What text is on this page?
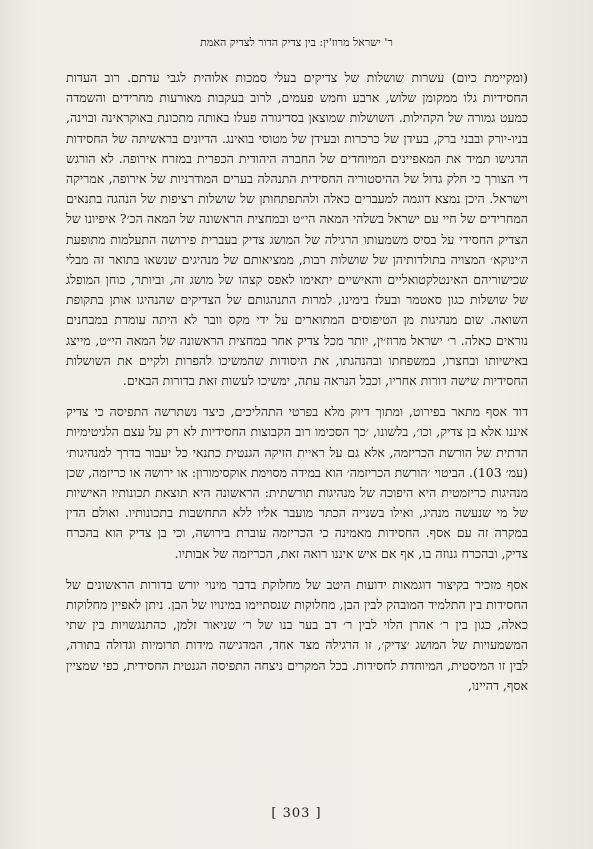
ר' ישראל מרוז'ין: בין צדיק הדור לצדיק האמת

(ומקיימת כיום) עשרות שושלות של צדיקים בעלי סמכות אלוהית לגבי עדתם. רוב העדות החסידיות גלו ממקומן שלוש, ארבע וחמש פעמים, לרוב בעקבות מאורעות מחרידים והשמדה כמעט גמורה של הקהילות. השושלות שמוצאן בסדיגורה פעלו באותה מתכונת באוקראינה ובוינה, בניו-יורק ובבני ברק, בעידן של כרכרות ובעידן של מטוסי בואינג. הדיונים בראשיתה של החסידות הדגישו תמיד את המאפיינים המיוחדים של החברה היהודית הכפרית במזרח אירופה. לא הורגש די הצורך כי חלק גדול של ההיסטוריה החסידית התנהלה בערים המודרניות של אירופה, אמריקה וישראל. היכן נמצא דוגמה למעברים כאלה ולהתפתחותן של שושלות רציפות של הנהגה בתנאים המחרידים של חיי עם ישראל בשלהי המאה הי״ט ובמחצית הראשונה של המאה הכ׳? איפיונו של הצדיק החסידי על בסיס משמעותו הרגילה של המושג צדיק בעברית פירושה התעלמות מתופעת ה׳ינוקא׳ המצויה בתולדותיהן של שושלות רבות, ממציאותם של מנהיגים שנשאו בתואר זה מבלי שכישוריהם האינטלקטואליים והאישיים יתאימו לאפס קצהו של מושג זה, וביותר, כוחן המופלג של שושלות כגון סאטמר ובעלז בימינו, למרות התנהגותם של הצדיקים שהנהיגו אותן בתקופת השואה. שום מנהיגות מן הטיפוסים המתוארים על ידי מקס וובר לא היתה עומדת במבחנים נוראים כאלה. ר׳ ישראל מרוז׳ין, יותר מכל צדיק אחר במחצית הראשונה של המאה הי״ט, מייצג באישיותו ובחצרו, במשפחתו ובהנהגתו, את היסודות שהמשיכו להפרות ולקיים את השושלות החסידיות שישה דורות אחריו, וככל הנראה עתה, ימשיכו לעשות זאת בדורות הבאים.

דוד אסף מתאר בפירוט, ומתוך דיוק מלא בפרטי התהליכים, כיצד נשתרשה התפיסה כי צדיק איננו אלא בן צדיק, וכו׳, בלשונו, ׳כך הסכימו רוב הקבוצות החסידיות לא רק על עצם הלגיטימיות הדתית של הורשת הכריזמה, אלא גם על ראיית הזיקה הגנטית כתנאי כל יעבור בדרך למנהיגות׳ (עמ׳ 103). הביטוי ׳הורשת הכריזמה׳ הוא במידה מסוימת אוקסימורון: או ירושה או כריזמה, שכן מנהיגות כריזמטית היא היפוכה של מנהיגות תורשתית: הראשונה היא תוצאת תכונותיו האישיות של מי שנעשה מנהיג, ואילו בשנייה הכתר מועבר אליו ללא התחשבות בתכונותיו. ואולם הדין במקרה זה עם אסף. החסידות מאמינה כי הכריזמה עוברת בירושה, וכי בן צדיק הוא בהכרח צדיק, ובהכרח גנוזה בו, אף אם איש איננו רואה זאת, הכריזמה של אבותיו.

אסף מזכיר בקיצור דוגמאות ידועות היטב של מחלוקת בדבר מינוי יורש בדורות הראשונים של החסידות בין התלמיד המובהק לבין הבן, מחלוקות שנסתיימו במינויו של הבן. ניתן לאפיין מחלוקות כאלה, כגון בין ר׳ אהרן הלוי לבין ר׳ דב בער בנו של ר׳ שניאור זלמן, כהתנגשויות בין שתי המשמעויות של המושג ׳צדיק׳, זו הרגילה מצד אחד, המדגישה מידות תרומיות וגדולה בתורה, לבין זו המיסטית, המיוחדת לחסידות. בכל המקרים ניצחה התפיסה הגנטית החסידית, כפי שמציין אסף, דהיינו,

[ 303 ]
